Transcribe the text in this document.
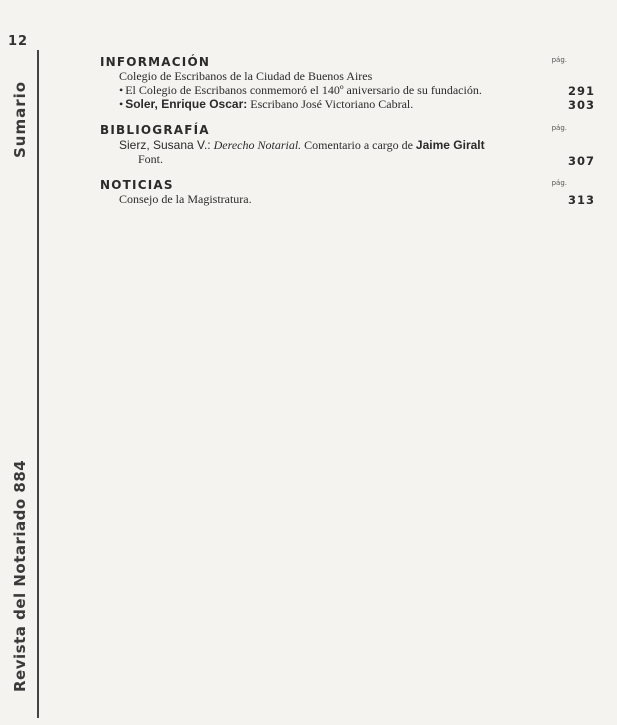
12
Sumario
Revista del Notariado 884
INFORMACIÓN	pág.
Colegio de Escribanos de la Ciudad de Buenos Aires
• El Colegio de Escribanos conmemoró el 140º aniversario de su fundación.	291
• Soler, Enrique Oscar: Escribano José Victoriano Cabral.	303
BIBLIOGRAFÍA	pág.
Sierz, Susana V.: Derecho Notarial. Comentario a cargo de Jaime Giralt
Font.	307
NOTICIAS	pág.
Consejo de la Magistratura.	313
